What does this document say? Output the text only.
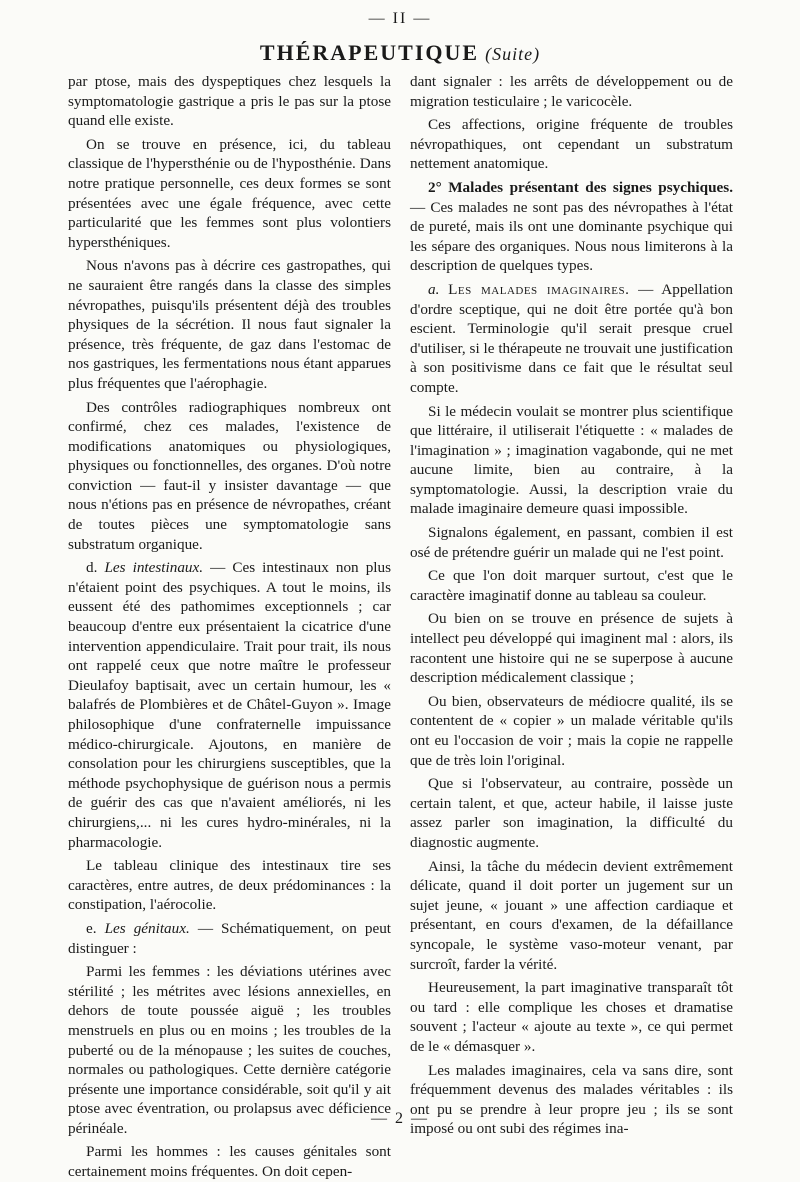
— II —
THÉRAPEUTIQUE (Suite)

par ptose, mais des dyspeptiques chez lesquels la symptomatologie gastrique a pris le pas sur la ptose quand elle existe.

On se trouve en présence, ici, du tableau classique de l'hypersthénie ou de l'hyposthénie. Dans notre pratique personnelle, ces deux formes se sont présentées avec une égale fréquence, avec cette particularité que les femmes sont plus volontiers hypersthéniques.

Nous n'avons pas à décrire ces gastropathes, qui ne sauraient être rangés dans la classe des simples névropathes, puisqu'ils présentent déjà des troubles physiques de la sécrétion. Il nous faut signaler la présence, très fréquente, de gaz dans l'estomac de nos gastriques, les fermentations nous étant apparues plus fréquentes que l'aérophagie.

Des contrôles radiographiques nombreux ont confirmé, chez ces malades, l'existence de modifications anatomiques ou physiologiques, physiques ou fonctionnelles, des organes. D'où notre conviction — faut-il y insister davantage — que nous n'étions pas en présence de névropathes, créant de toutes pièces une symptomatologie sans substratum organique.

d. Les intestinaux. — Ces intestinaux non plus n'étaient point des psychiques. A tout le moins, ils eussent été des pathomimes exceptionnels ; car beaucoup d'entre eux présentaient la cicatrice d'une intervention appendiculaire. Trait pour trait, ils nous ont rappelé ceux que notre maître le professeur Dieulafoy baptisait, avec un certain humour, les « balafrés de Plombières et de Châtel-Guyon ». Image philosophique d'une confraternelle impuissance médico-chirurgicale. Ajoutons, en manière de consolation pour les chirurgiens susceptibles, que la méthode psychophysique de guérison nous a permis de guérir des cas que n'avaient améliorés, ni les chirurgiens,... ni les cures hydro-minérales, ni la pharmacologie.

Le tableau clinique des intestinaux tire ses caractères, entre autres, de deux prédominances : la constipation, l'aérocolie.

e. Les génitaux. — Schématiquement, on peut distinguer :

Parmi les femmes : les déviations utérines avec stérilité ; les métrites avec lésions annexielles, en dehors de toute poussée aiguë ; les troubles menstruels en plus ou en moins ; les troubles de la puberté ou de la ménopause ; les suites de couches, normales ou pathologiques. Cette dernière catégorie présente une importance considérable, soit qu'il y ait ptose avec éventration, ou prolapsus avec déficience périnéale.

Parmi les hommes : les causes génitales sont certainement moins fréquentes. On doit cepen-

dant signaler : les arrêts de développement ou de migration testiculaire ; le varicocèle.

Ces affections, origine fréquente de troubles névropathiques, ont cependant un substratum nettement anatomique.

2° Malades présentant des signes psychiques. — Ces malades ne sont pas des névropathes à l'état de pureté, mais ils ont une dominante psychique qui les sépare des organiques. Nous nous limiterons à la description de quelques types.

a. Les malades imaginaires. — Appellation d'ordre sceptique, qui ne doit être portée qu'à bon escient. Terminologie qu'il serait presque cruel d'utiliser, si le thérapeute ne trouvait une justification à son positivisme dans ce fait que le résultat seul compte.

Si le médecin voulait se montrer plus scientifique que littéraire, il utiliserait l'étiquette : « malades de l'imagination » ; imagination vagabonde, qui ne met aucune limite, bien au contraire, à la symptomatologie. Aussi, la description vraie du malade imaginaire demeure quasi impossible.

Signalons également, en passant, combien il est osé de prétendre guérir un malade qui ne l'est point.

Ce que l'on doit marquer surtout, c'est que le caractère imaginatif donne au tableau sa couleur.

Ou bien on se trouve en présence de sujets à intellect peu développé qui imaginent mal : alors, ils racontent une histoire qui ne se superpose à aucune description médicalement classique ;

Ou bien, observateurs de médiocre qualité, ils se contentent de « copier » un malade véritable qu'ils ont eu l'occasion de voir ; mais la copie ne rappelle que de très loin l'original.

Que si l'observateur, au contraire, possède un certain talent, et que, acteur habile, il laisse juste assez parler son imagination, la difficulté du diagnostic augmente.

Ainsi, la tâche du médecin devient extrêmement délicate, quand il doit porter un jugement sur un sujet jeune, « jouant » une affection cardiaque et présentant, en cours d'examen, de la défaillance syncopale, le système vaso-moteur venant, par surcroît, farder la vérité.

Heureusement, la part imaginative transparaît tôt ou tard : elle complique les choses et dramatise souvent ; l'acteur « ajoute au texte », ce qui permet de le « démasquer ».

Les malades imaginaires, cela va sans dire, sont fréquemment devenus des malades véritables : ils ont pu se prendre à leur propre jeu ; ils se sont imposé ou ont subi des régimes ina-

— 2 —
